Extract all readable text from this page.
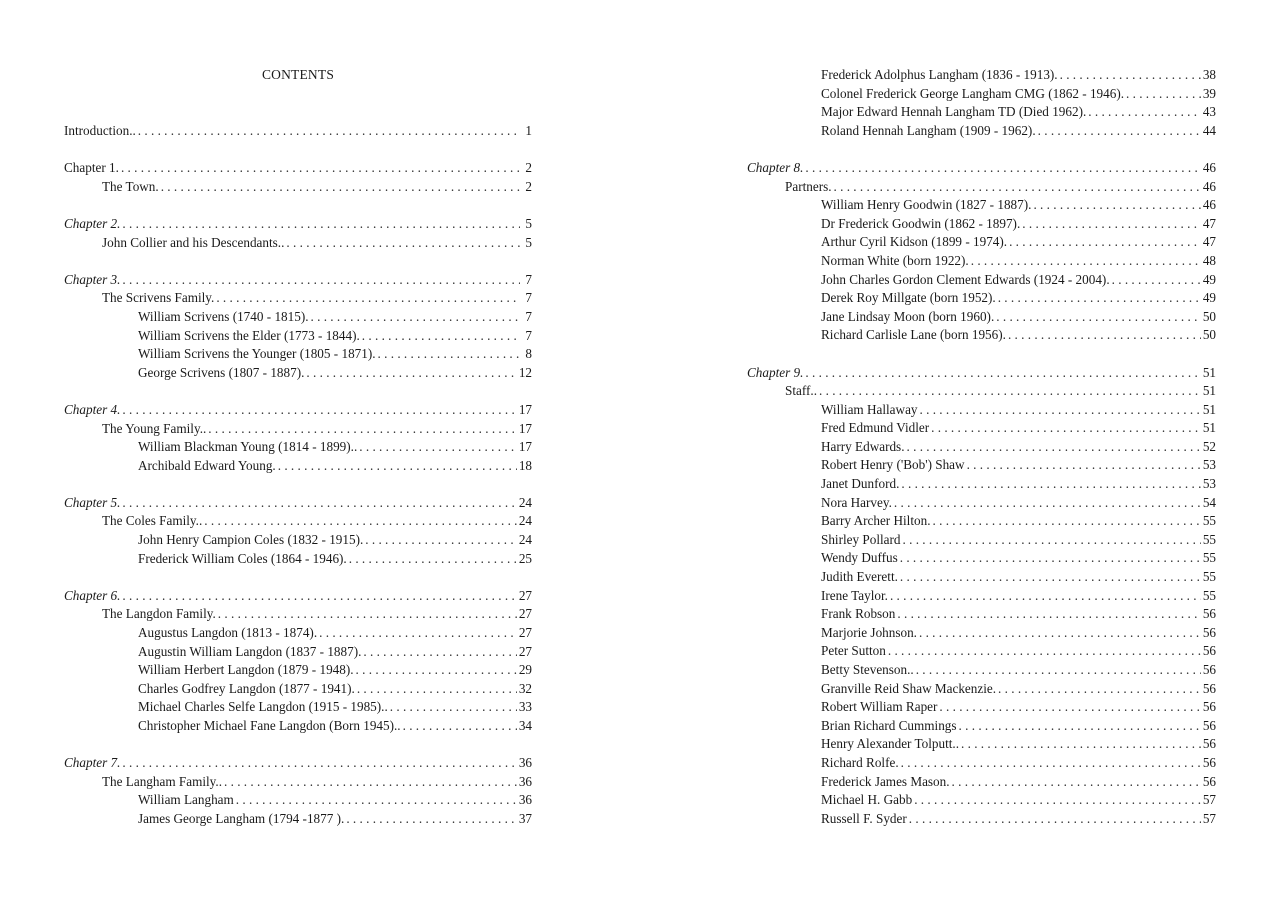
CONTENTS
Introduction.. . . .	1
Chapter 1. . . .	2
The Town. . . .	2
Chapter 2. . . .	5
John Collier and his Descendants.. . . .	5
Chapter 3. . . .	7
The Scrivens Family. . . .	7
William Scrivens (1740 - 1815). . . .	7
William Scrivens the Elder (1773 - 1844). . . .	7
William Scrivens the Younger (1805 - 1871). . . .	8
George Scrivens (1807 - 1887). . . .	12
Chapter 4. . . .	17
The Young Family.. . . .	17
William Blackman Young (1814 - 1899).. . . .	17
Archibald Edward Young. . . .	18
Chapter 5. . . .	24
The Coles Family.. . . .	24
John Henry Campion Coles (1832 - 1915). . . .	24
Frederick William Coles (1864 - 1946). . . .	25
Chapter 6. . . .	27
The Langdon Family. . . .	27
Augustus Langdon (1813 - 1874). . . .	27
Augustin William Langdon (1837 - 1887). . . .	27
William Herbert Langdon (1879 - 1948). . . .	29
Charles Godfrey Langdon (1877 - 1941). . . .	32
Michael Charles Selfe Langdon (1915 - 1985).. . . .	33
Christopher Michael Fane Langdon (Born 1945).. . . .	34
Chapter 7. . . .	36
The Langham Family.. . . .	36
William Langham . . .	36
James George Langham (1794 -1877 ). . . .	37
Frederick Adolphus Langham (1836 - 1913). . . .	38
Colonel Frederick George Langham CMG (1862 - 1946). . . .	39
Major Edward Hennah Langham TD (Died 1962). . . .	43
Roland Hennah Langham (1909 - 1962). . . .	44
Chapter 8. . . .	46
Partners. . . .	46
William Henry Goodwin (1827 - 1887). . . .	46
Dr Frederick Goodwin (1862 - 1897). . . .	47
Arthur Cyril Kidson (1899 - 1974). . . .	47
Norman White (born 1922). . . .	48
John Charles Gordon Clement Edwards (1924 - 2004). . . .	49
Derek Roy Millgate (born 1952). . . .	49
Jane Lindsay Moon (born 1960). . . .	50
Richard Carlisle Lane (born 1956). . . .	50
Chapter 9. . . .	51
Staff.. . . .	51
William Hallaway . . .	51
Fred Edmund Vidler . . .	51
Harry Edwards. . . .	52
Robert Henry ('Bob') Shaw . . .	53
Janet Dunford. . . .	53
Nora Harvey. . . .	54
Barry Archer Hilton. . . .	55
Shirley Pollard . . .	55
Wendy Duffus . . .	55
Judith Everett. . . .	55
Irene Taylor. . . .	55
Frank Robson . . .	56
Marjorie Johnson. . . .	56
Peter Sutton . . .	56
Betty Stevenson.. . . .	56
Granville Reid Shaw Mackenzie. . . .	56
Robert William Raper . . .	56
Brian Richard Cummings . . .	56
Henry Alexander Tolputt.. . . .	56
Richard Rolfe. . . .	56
Frederick James Mason. . . .	56
Michael H. Gabb . . .	57
Russell F. Syder . . .	57
